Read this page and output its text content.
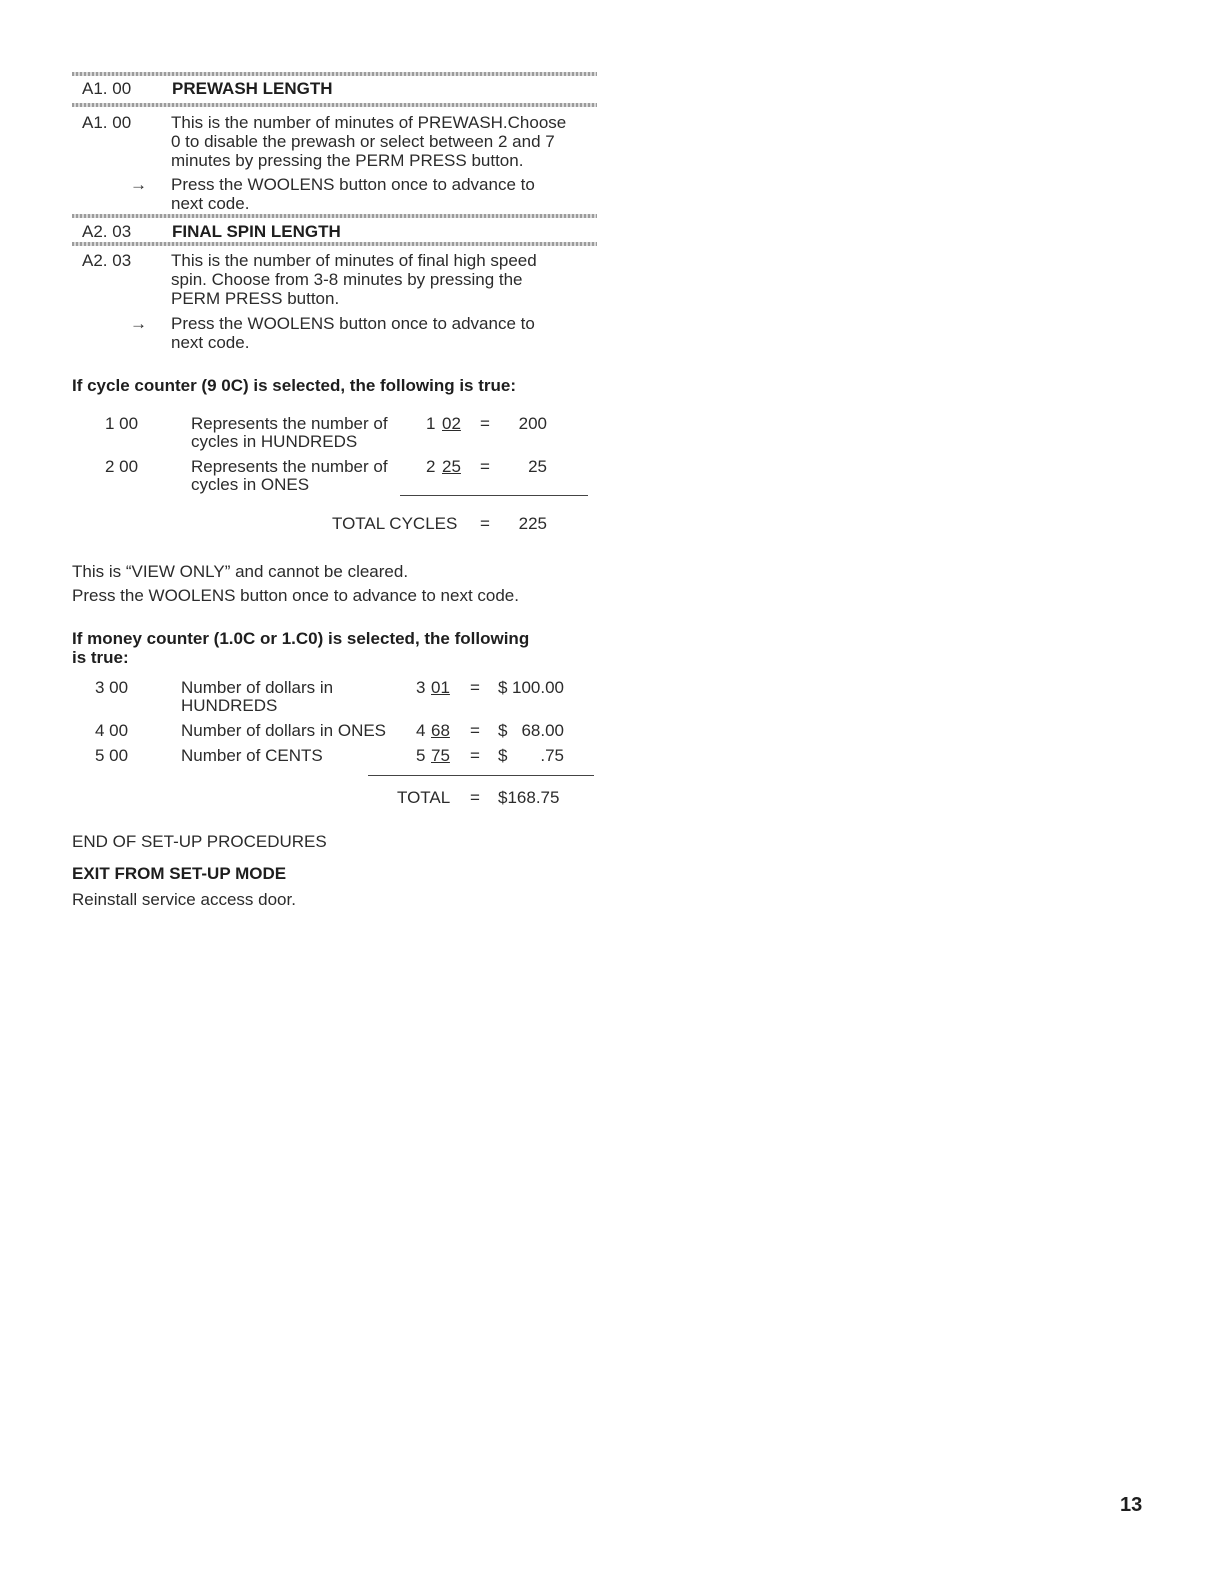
A1. 00 PREWASH LENGTH
A1. 00 This is the number of minutes of PREWASH.Choose
0 to disable the prewash or select between 2 and 7
minutes by pressing the PERM PRESS button.
→ Press the WOOLENS button once to advance to
next code.
A2. 03 FINAL SPIN LENGTH
A2. 03 This is the number of minutes of final high speed
spin. Choose from 3-8 minutes by pressing the
PERM PRESS button.
→ Press the WOOLENS button once to advance to
next code.
If cycle counter (9 0C) is selected, the following is true:
1 00	Represents the number of
cycles in HUNDREDS
1 02 =	200
2 00	Represents the number of
cycles in ONES
2 25 =	25
TOTAL CYCLES =	225
This is “VIEW ONLY” and cannot be cleared.
Press the WOOLENS button once to advance to next code.
If money counter (1.0C or 1.C0) is selected, the following
is true:
3 00	Number of dollars in
HUNDREDS
3 01 = $ 100.00
4 00	Number of dollars in ONES 4 68 = $ 68.00
5 00	Number of CENTS	5 75 = $	.75
TOTAL = $168.75
END OF SET-UP PROCEDURES
EXIT FROM SET-UP MODE
Reinstall service access door.
13
